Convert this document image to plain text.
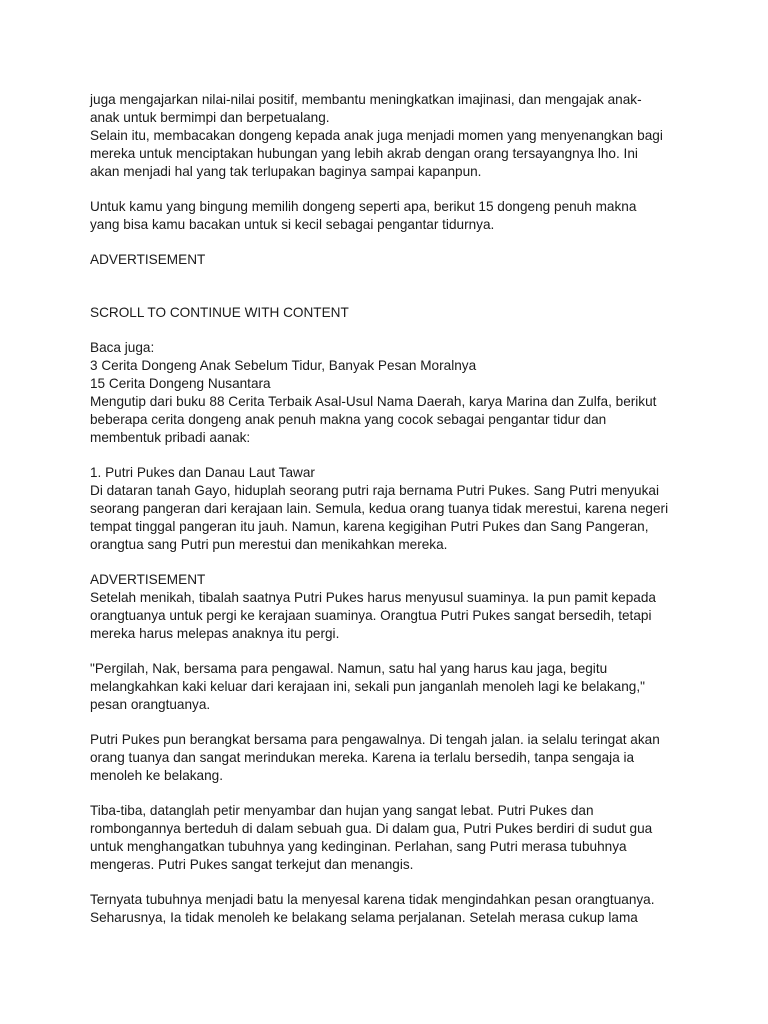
juga mengajarkan nilai-nilai positif, membantu meningkatkan imajinasi, dan mengajak anak-
anak untuk bermimpi dan berpetualang.
Selain itu, membacakan dongeng kepada anak juga menjadi momen yang menyenangkan bagi
mereka untuk menciptakan hubungan yang lebih akrab dengan orang tersayangnya lho. Ini
akan menjadi hal yang tak terlupakan baginya sampai kapanpun.
Untuk kamu yang bingung memilih dongeng seperti apa, berikut 15 dongeng penuh makna
yang bisa kamu bacakan untuk si kecil sebagai pengantar tidurnya.
ADVERTISEMENT
SCROLL TO CONTINUE WITH CONTENT
Baca juga:
3 Cerita Dongeng Anak Sebelum Tidur, Banyak Pesan Moralnya
15 Cerita Dongeng Nusantara
Mengutip dari buku 88 Cerita Terbaik Asal-Usul Nama Daerah, karya Marina dan Zulfa, berikut
beberapa cerita dongeng anak penuh makna yang cocok sebagai pengantar tidur dan
membentuk pribadi aanak:
1. Putri Pukes dan Danau Laut Tawar
Di dataran tanah Gayo, hiduplah seorang putri raja bernama Putri Pukes. Sang Putri menyukai
seorang pangeran dari kerajaan lain. Semula, kedua orang tuanya tidak merestui, karena negeri
tempat tinggal pangeran itu jauh. Namun, karena kegigihan Putri Pukes dan Sang Pangeran,
orangtua sang Putri pun merestui dan menikahkan mereka.
ADVERTISEMENT
Setelah menikah, tibalah saatnya Putri Pukes harus menyusul suaminya. Ia pun pamit kepada
orangtuanya untuk pergi ke kerajaan suaminya. Orangtua Putri Pukes sangat bersedih, tetapi
mereka harus melepas anaknya itu pergi.
"Pergilah, Nak, bersama para pengawal. Namun, satu hal yang harus kau jaga, begitu
melangkahkan kaki keluar dari kerajaan ini, sekali pun janganlah menoleh lagi ke belakang,"
pesan orangtuanya.
Putri Pukes pun berangkat bersama para pengawalnya. Di tengah jalan. ia selalu teringat akan
orang tuanya dan sangat merindukan mereka. Karena ia terlalu bersedih, tanpa sengaja ia
menoleh ke belakang.
Tiba-tiba, datanglah petir menyambar dan hujan yang sangat lebat. Putri Pukes dan
rombongannya berteduh di dalam sebuah gua. Di dalam gua, Putri Pukes berdiri di sudut gua
untuk menghangatkan tubuhnya yang kedinginan. Perlahan, sang Putri merasa tubuhnya
mengeras. Putri Pukes sangat terkejut dan menangis.
Ternyata tubuhnya menjadi batu la menyesal karena tidak mengindahkan pesan orangtuanya.
Seharusnya, Ia tidak menoleh ke belakang selama perjalanan. Setelah merasa cukup lama
